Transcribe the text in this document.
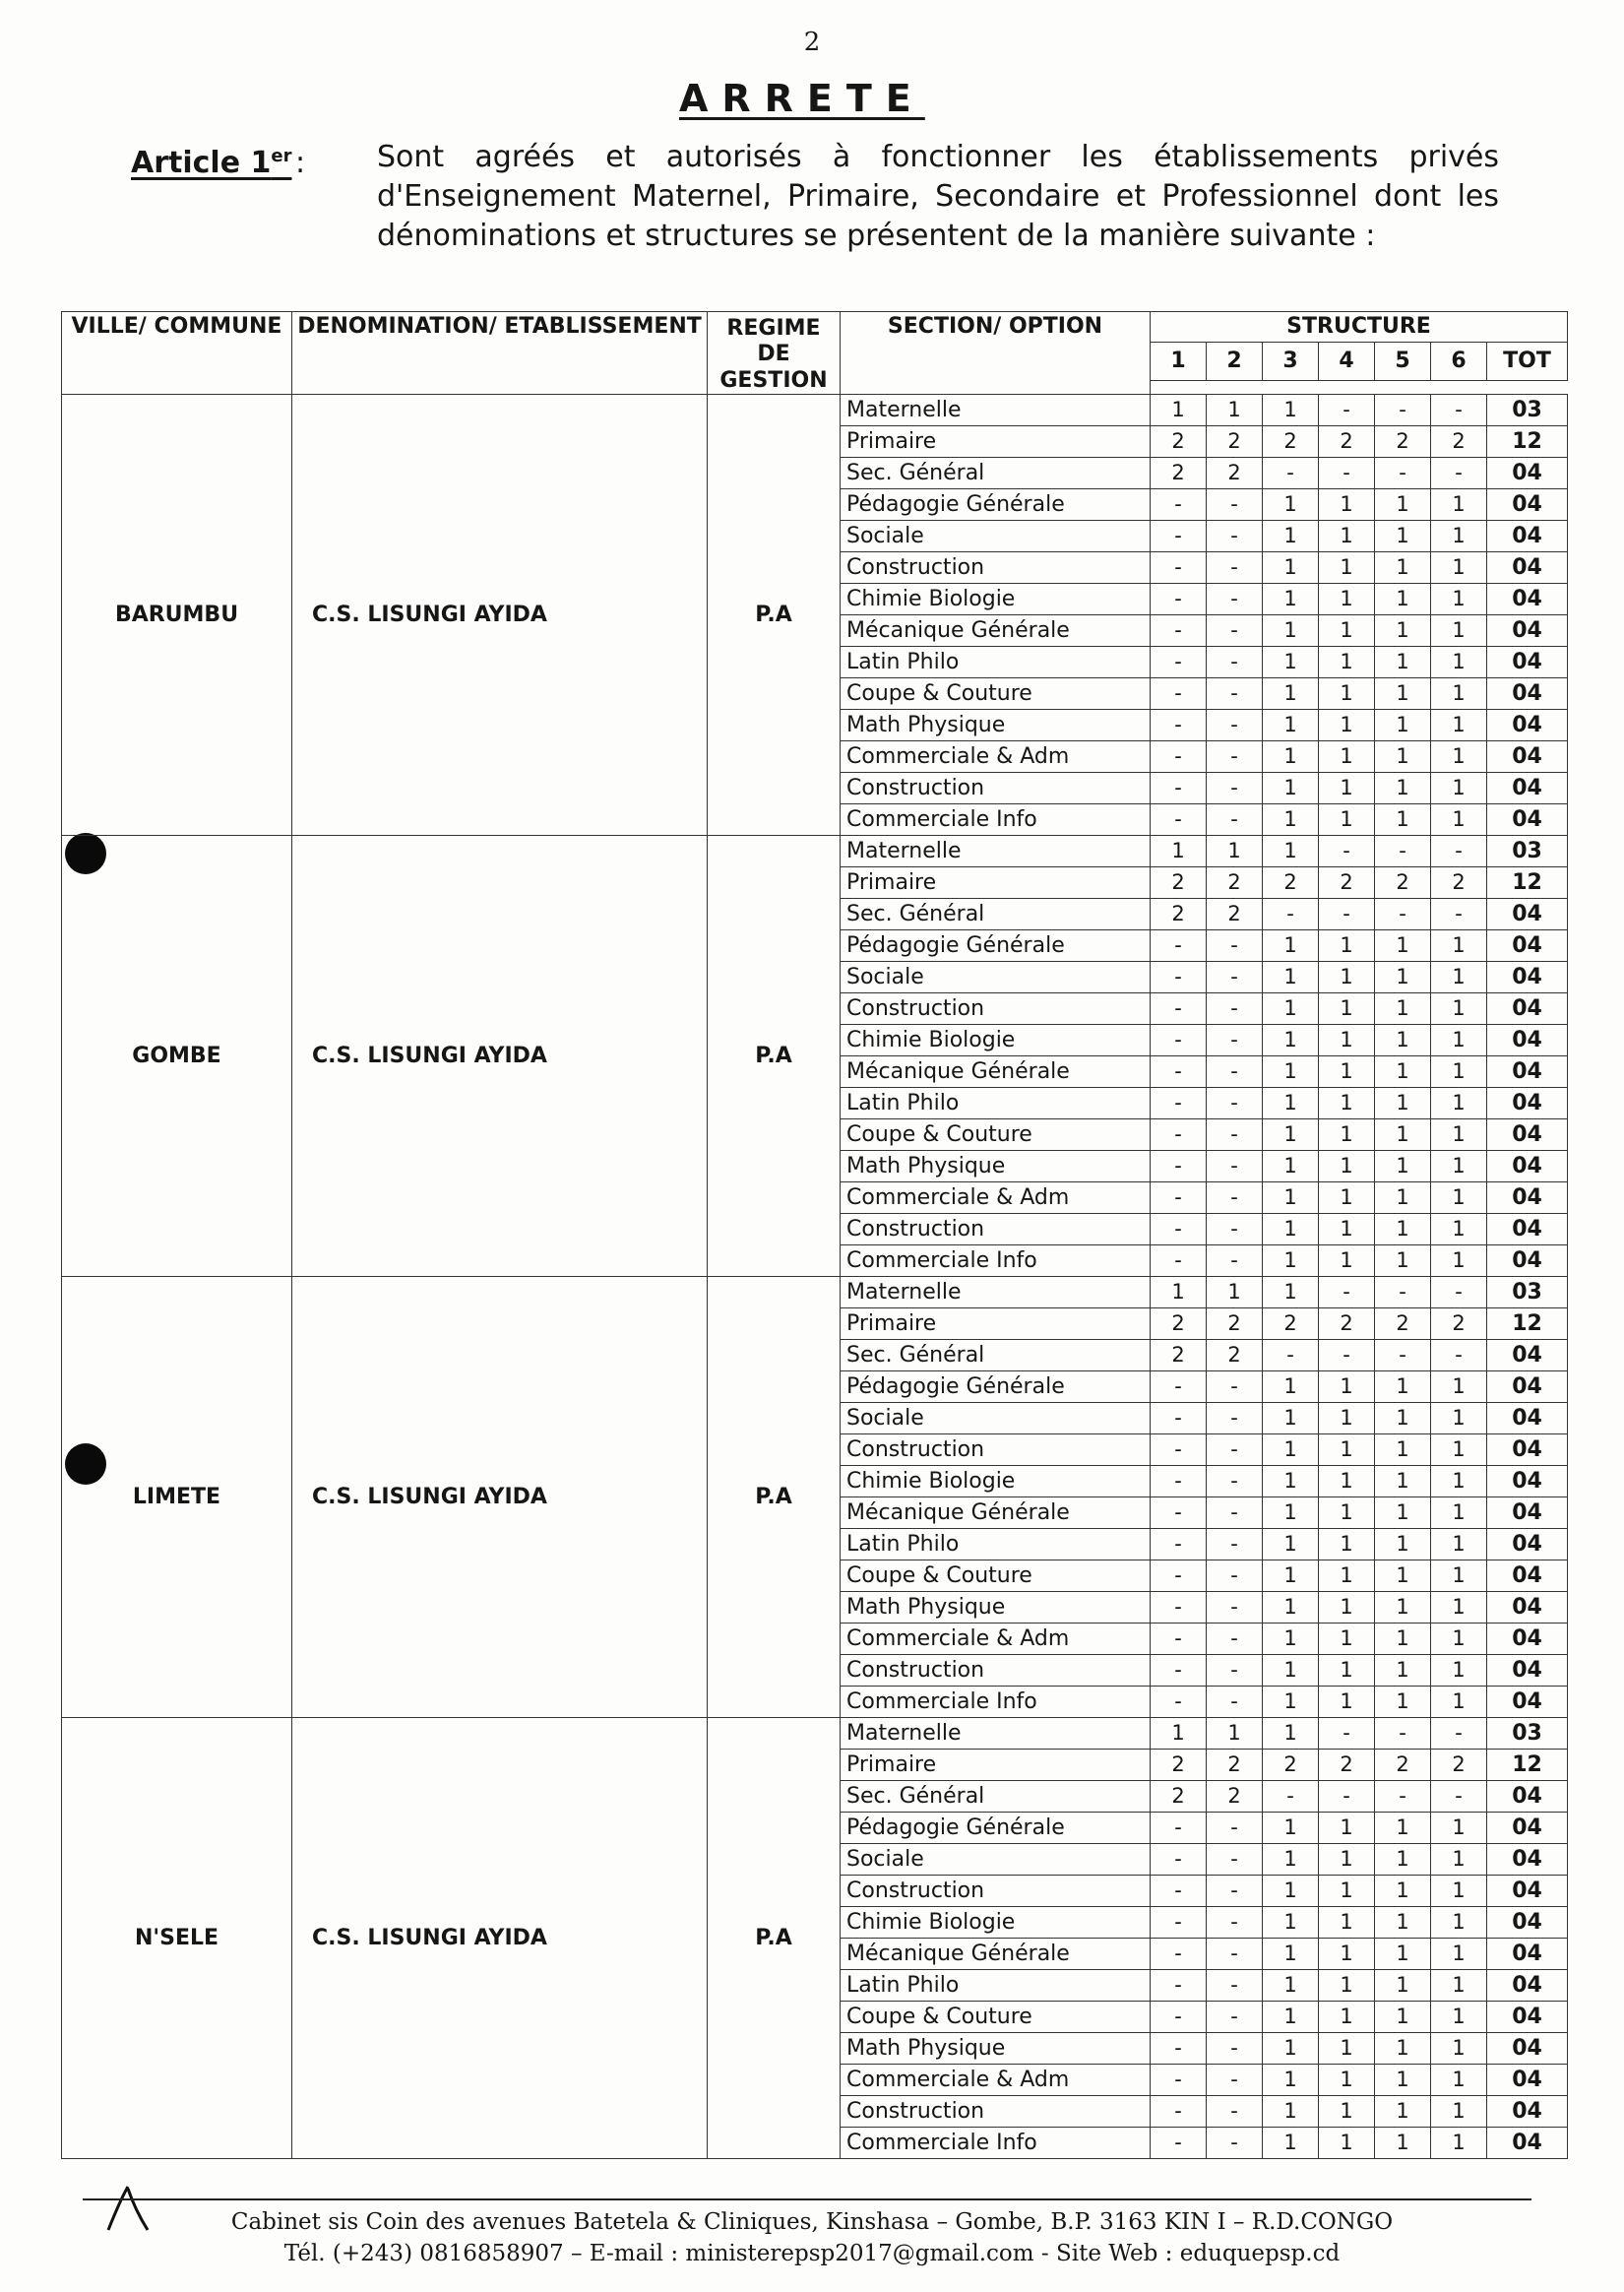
2
ARRETE
Article 1er : Sont agréés et autorisés à fonctionner les établissements privés d'Enseignement Maternel, Primaire, Secondaire et Professionnel dont les dénominations et structures se présentent de la manière suivante :
VILLE/ COMMUNE	DENOMINATION/ ETABLISSEMENT	REGIME DE GESTION	SECTION/ OPTION	STRUCTURE						
				1	2	3	4	5	6	TOT

BARUMBU	C.S. LISUNGI AYIDA	P.A	Maternelle	1	1	1	-	-	-	03
			Primaire	2	2	2	2	2	2	12
			Sec. Général	2	2	-	-	-	-	04
			Pédagogie Générale	-	-	1	1	1	1	04
			Sociale	-	-	1	1	1	1	04
			Construction	-	-	1	1	1	1	04
			Chimie Biologie	-	-	1	1	1	1	04
			Mécanique Générale	-	-	1	1	1	1	04
			Latin Philo	-	-	1	1	1	1	04
			Coupe & Couture	-	-	1	1	1	1	04
			Math Physique	-	-	1	1	1	1	04
			Commerciale & Adm	-	-	1	1	1	1	04
			Construction	-	-	1	1	1	1	04
			Commerciale Info	-	-	1	1	1	1	04
GOMBE	C.S. LISUNGI AYIDA	P.A	Maternelle	1	1	1	-	-	-	03
			Primaire	2	2	2	2	2	2	12
			Sec. Général	2	2	-	-	-	-	04
			Pédagogie Générale	-	-	1	1	1	1	04
			Sociale	-	-	1	1	1	1	04
			Construction	-	-	1	1	1	1	04
			Chimie Biologie	-	-	1	1	1	1	04
			Mécanique Générale	-	-	1	1	1	1	04
			Latin Philo	-	-	1	1	1	1	04
			Coupe & Couture	-	-	1	1	1	1	04
			Math Physique	-	-	1	1	1	1	04
			Commerciale & Adm	-	-	1	1	1	1	04
			Construction	-	-	1	1	1	1	04
			Commerciale Info	-	-	1	1	1	1	04
LIMETE	C.S. LISUNGI AYIDA	P.A	Maternelle	1	1	1	-	-	-	03
			Primaire	2	2	2	2	2	2	12
			Sec. Général	2	2	-	-	-	-	04
			Pédagogie Générale	-	-	1	1	1	1	04
			Sociale	-	-	1	1	1	1	04
			Construction	-	-	1	1	1	1	04
			Chimie Biologie	-	-	1	1	1	1	04
			Mécanique Générale	-	-	1	1	1	1	04
			Latin Philo	-	-	1	1	1	1	04
			Coupe & Couture	-	-	1	1	1	1	04
			Math Physique	-	-	1	1	1	1	04
			Commerciale & Adm	-	-	1	1	1	1	04
			Construction	-	-	1	1	1	1	04
			Commerciale Info	-	-	1	1	1	1	04
N'SELE	C.S. LISUNGI AYIDA	P.A	Maternelle	1	1	1	-	-	-	03
			Primaire	2	2	2	2	2	2	12
			Sec. Général	2	2	-	-	-	-	04
			Pédagogie Générale	-	-	1	1	1	1	04
			Sociale	-	-	1	1	1	1	04
			Construction	-	-	1	1	1	1	04
			Chimie Biologie	-	-	1	1	1	1	04
			Mécanique Générale	-	-	1	1	1	1	04
			Latin Philo	-	-	1	1	1	1	04
			Coupe & Couture	-	-	1	1	1	1	04
			Math Physique	-	-	1	1	1	1	04
			Commerciale & Adm	-	-	1	1	1	1	04
			Construction	-	-	1	1	1	1	04
			Commerciale Info	-	-	1	1	1	1	04
Cabinet sis Coin des avenues Batetela & Cliniques, Kinshasa – Gombe, B.P. 3163 KIN I – R.D.CONGO
Tél. (+243) 0816858907 – E-mail : ministerepsp2017@gmail.com - Site Web : eduquepsp.cd
